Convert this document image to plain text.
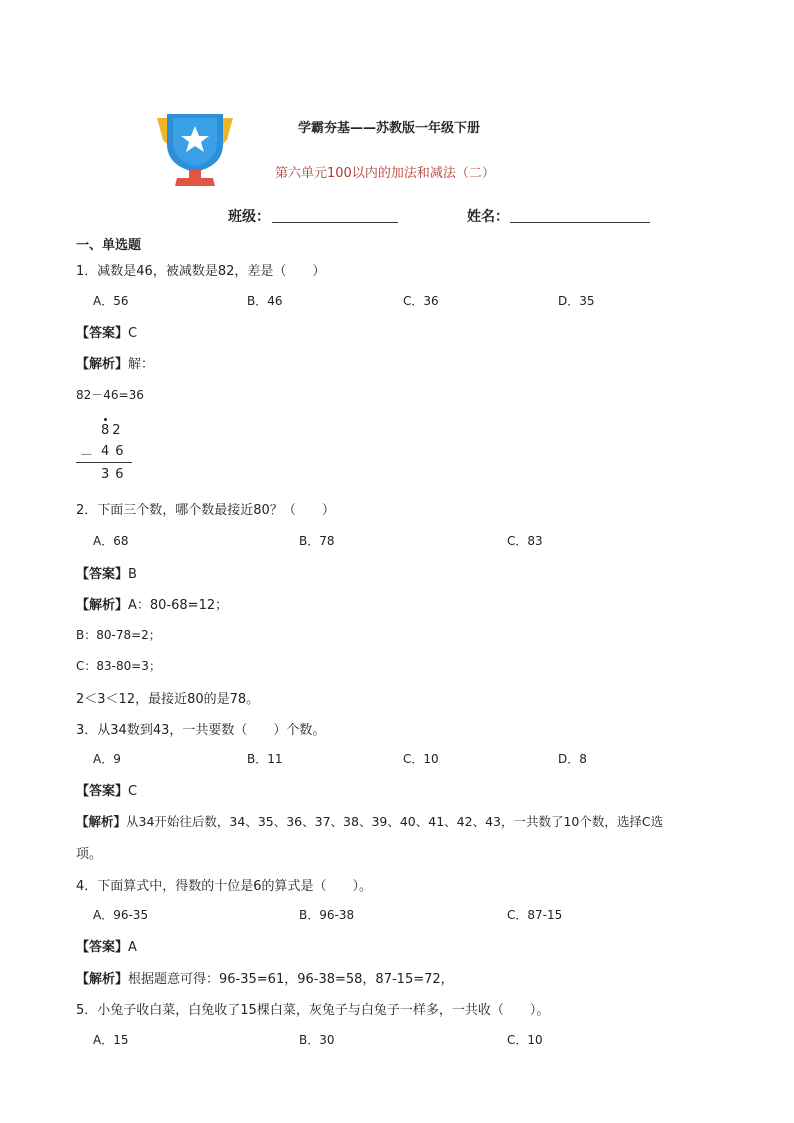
学霸夯基——苏教版一年级下册
第六单元100以内的加法和减法（二）
班级：	姓名：
一、单选题
1．减数是46，被减数是82，差是（　　）
A．56	B．46	C．36	D．35
【答案】C
【解析】解：
82－46=36
82
－ 46
36
2．下面三个数，哪个数最接近80？（　　）
A．68	B．78	C．83
【答案】B
【解析】A：80-68=12；
B：80-78=2；
C：83-80=3；
2＜3＜12，最接近80的是78。
3．从34数到43，一共要数（　　）个数。
A．9	B．11	C．10	D．8
【答案】C
【解析】从34开始往后数，34、35、36、37、38、39、40、41、42、43，一共数了10个数，选择C选
项。
4．下面算式中，得数的十位是6的算式是（　　）。
A．96-35	B．96-38	C．87-15
【答案】A
【解析】根据题意可得：96-35=61，96-38=58，87-15=72，
5．小兔子收白菜，白兔收了15棵白菜，灰兔子与白兔子一样多，一共收（　　）。
A．15	B．30	C．10
